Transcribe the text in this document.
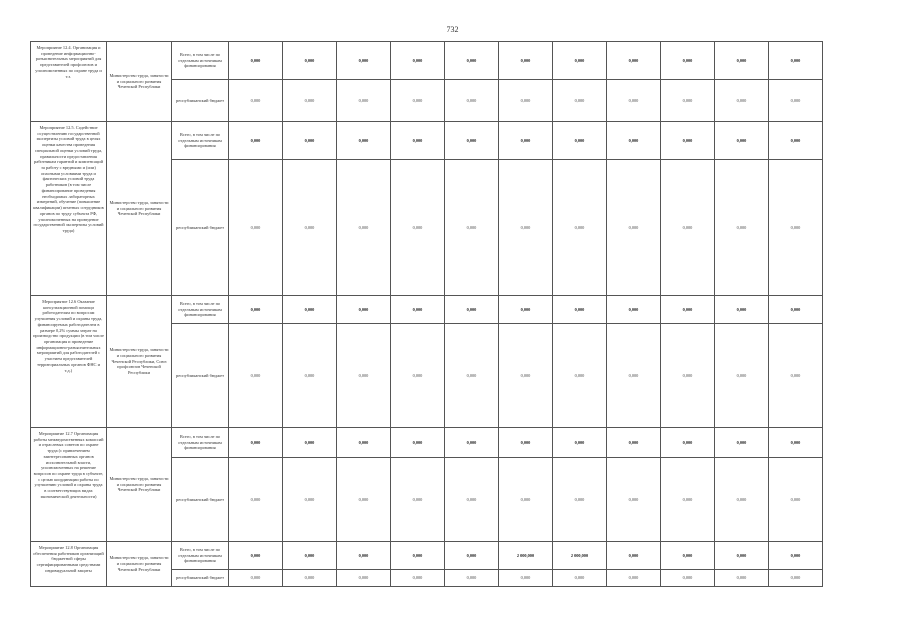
732
Мероприятие 12.4. Организация и проведение информационно-разъяснительных мероприятий для представителей профсоюзов и уполномоченных по охране труда и т.з.	Министерство труда, занятости и социального развития Чеченской Республики	Всего, в том числе по отдельным источникам финансирования	0,000	0,000	0,000	0,000	0,000	0,000	0,000	0,000	0,000	0,000	0,000
		республиканский бюджет	0,000	0,000	0,000	0,000	0,000	0,000	0,000	0,000	0,000	0,000	0,000
Мероприятие 12.5. Содействие осуществлению государственной экспертизы условий труда в целях оценки качества проведения специальной оценки условий труда, правильности предоставления работникам гарантий и компенсаций за работу с вредными и (или) опасными условиями труда и фактических условий труда работников (в том числе финансирование проведения необходимых лабораторных измерений, обучение (повышение квалификации) штатных сотрудников органов по труду субъекта РФ, уполномоченных на проведение государственной экспертизы условий труда)	Министерство труда, занятости и социального развития Чеченской Республики	Всего, в том числе по отдельным источникам финансирования	0,000	0,000	0,000	0,000	0,000	0,000	0,000	0,000	0,000	0,000	0,000
		республиканский бюджет	0,000	0,000	0,000	0,000	0,000	0,000	0,000	0,000	0,000	0,000	0,000
Мероприятие 12.6 Оказание консультационной помощи работодателям по вопросам улучшения условий и охраны труда, финансируемых работодателем в размере 0,2% суммы затрат на производство продукции (в том числе организация и проведение информационно-разъяснительных мероприятий для работодателей с участием представителей территориальных органов ФНС и т.д.)	Министерство труда, занятости и социального развития Чеченской Республики, Союз профсоюзов Чеченской Республики	Всего, в том числе по отдельным источникам финансирования	0,000	0,000	0,000	0,000	0,000	0,000	0,000	0,000	0,000	0,000	0,000
		республиканский бюджет	0,000	0,000	0,000	0,000	0,000	0,000	0,000	0,000	0,000	0,000	0,000
Мероприятие 12.7 Организация работы межведомственных комиссий и отраслевых советов по охране труда (с привлечением заинтересованных органов исполнительной власти, уполномоченных на решение вопросов по охране труда в субъекте, с целью координации работы по улучшению условий и охраны труда в соответствующих видах экономической деятельности)	Министерство труда, занятости и социального развития Чеченской Республики	Всего, в том числе по отдельным источникам финансирования	0,000	0,000	0,000	0,000	0,000	0,000	0,000	0,000	0,000	0,000	0,000
		республиканский бюджет	0,000	0,000	0,000	0,000	0,000	0,000	0,000	0,000	0,000	0,000	0,000
Мероприятие 12.8 Организация обеспечения работников организаций бюджетной сферы сертифицированными средствами индивидуальной защиты	Министерство труда, занятости и социального развития Чеченской Республики	Всего, в том числе по отдельным источникам финансирования	0,000	0,000	0,000	0,000	0,000	2 000,000	2 000,000	0,000	0,000	0,000	0,000
		республиканский бюджет	0,000	0,000	0,000	0,000	0,000	0,000	0,000	0,000	0,000	0,000	0,000
